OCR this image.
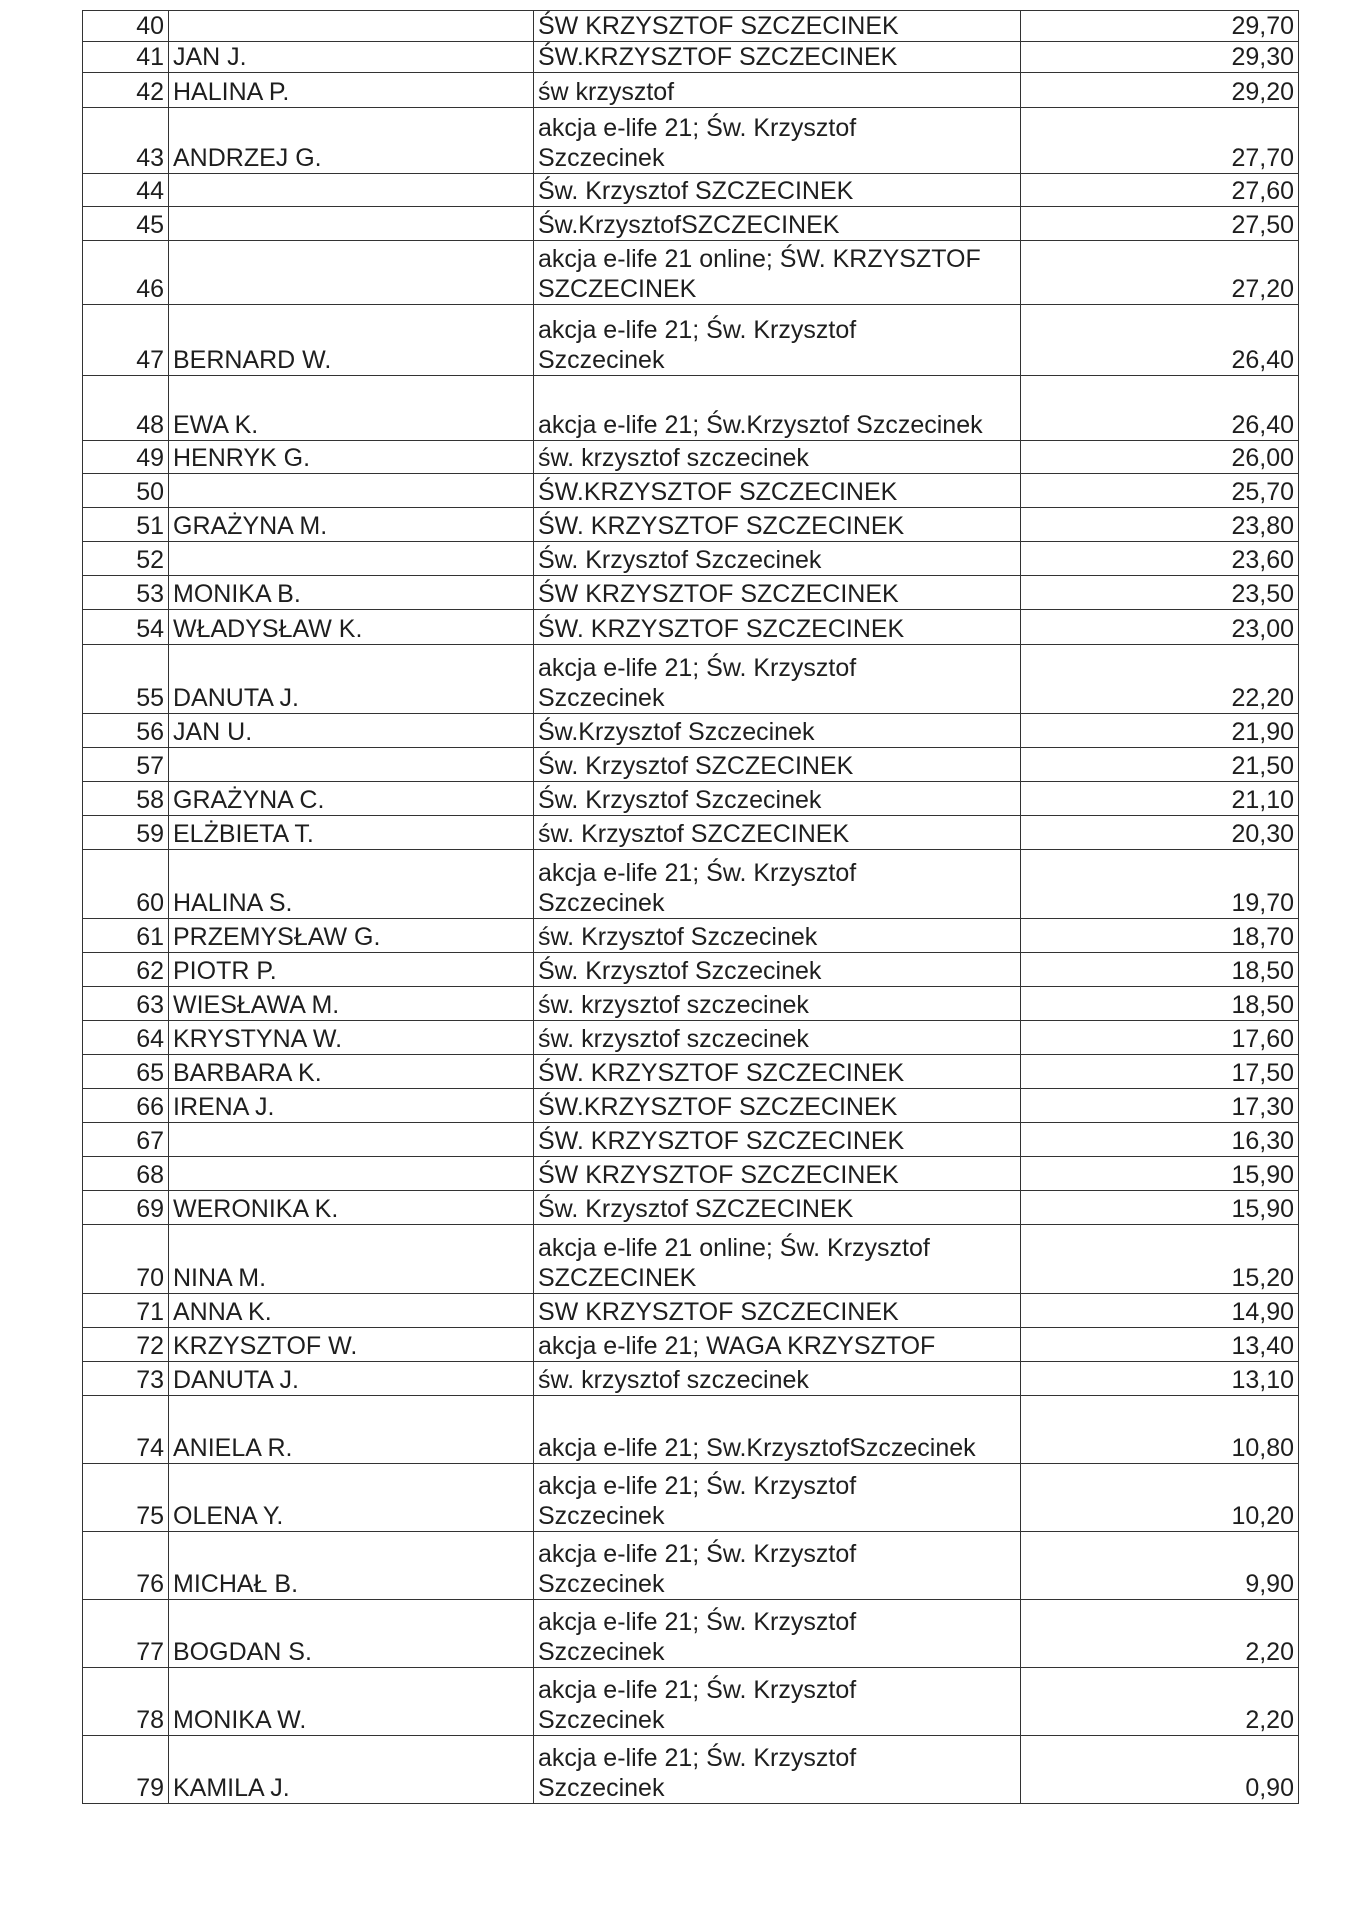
40		ŚW KRZYSZTOF SZCZECINEK	29,70
41	JAN J.	ŚW.KRZYSZTOF SZCZECINEK	29,30
42	HALINA P.	św krzysztof	29,20
43	ANDRZEJ G.	akcja e-life 21; Św. Krzysztof
Szczecinek	27,70
44		Św. Krzysztof SZCZECINEK	27,60
45		Św.KrzysztofSZCZECINEK	27,50
46		akcja e-life 21 online; ŚW. KRZYSZTOF
SZCZECINEK	27,20
47	BERNARD W.	akcja e-life 21; Św. Krzysztof
Szczecinek	26,40
48	EWA K.	akcja e-life 21; Św.Krzysztof Szczecinek	26,40
49	HENRYK G.	św. krzysztof szczecinek	26,00
50		ŚW.KRZYSZTOF SZCZECINEK	25,70
51	GRAŻYNA M.	ŚW. KRZYSZTOF SZCZECINEK	23,80
52		Św. Krzysztof Szczecinek	23,60
53	MONIKA B.	ŚW KRZYSZTOF SZCZECINEK	23,50
54	WŁADYSŁAW K.	ŚW. KRZYSZTOF SZCZECINEK	23,00
55	DANUTA J.	akcja e-life 21; Św. Krzysztof
Szczecinek	22,20
56	JAN U.	Św.Krzysztof Szczecinek	21,90
57		Św. Krzysztof SZCZECINEK	21,50
58	GRAŻYNA C.	Św. Krzysztof Szczecinek	21,10
59	ELŻBIETA T.	św. Krzysztof SZCZECINEK	20,30
60	HALINA S.	akcja e-life 21; Św. Krzysztof
Szczecinek	19,70
61	PRZEMYSŁAW G.	św. Krzysztof Szczecinek	18,70
62	PIOTR P.	Św. Krzysztof Szczecinek	18,50
63	WIESŁAWA M.	św. krzysztof szczecinek	18,50
64	KRYSTYNA W.	św. krzysztof szczecinek	17,60
65	BARBARA K.	ŚW. KRZYSZTOF SZCZECINEK	17,50
66	IRENA J.	ŚW.KRZYSZTOF SZCZECINEK	17,30
67		ŚW. KRZYSZTOF SZCZECINEK	16,30
68		ŚW KRZYSZTOF SZCZECINEK	15,90
69	WERONIKA K.	Św. Krzysztof SZCZECINEK	15,90
70	NINA M.	akcja e-life 21 online; Św. Krzysztof
SZCZECINEK	15,20
71	ANNA K.	SW KRZYSZTOF SZCZECINEK	14,90
72	KRZYSZTOF W.	akcja e-life 21; WAGA KRZYSZTOF	13,40
73	DANUTA J.	św. krzysztof szczecinek	13,10
74	ANIELA R.	akcja e-life 21; Sw.KrzysztofSzczecinek	10,80
75	OLENA Y.	akcja e-life 21; Św. Krzysztof
Szczecinek	10,20
76	MICHAŁ B.	akcja e-life 21; Św. Krzysztof
Szczecinek	9,90
77	BOGDAN S.	akcja e-life 21; Św. Krzysztof
Szczecinek	2,20
78	MONIKA W.	akcja e-life 21; Św. Krzysztof
Szczecinek	2,20
79	KAMILA J.	akcja e-life 21; Św. Krzysztof
Szczecinek	0,90
